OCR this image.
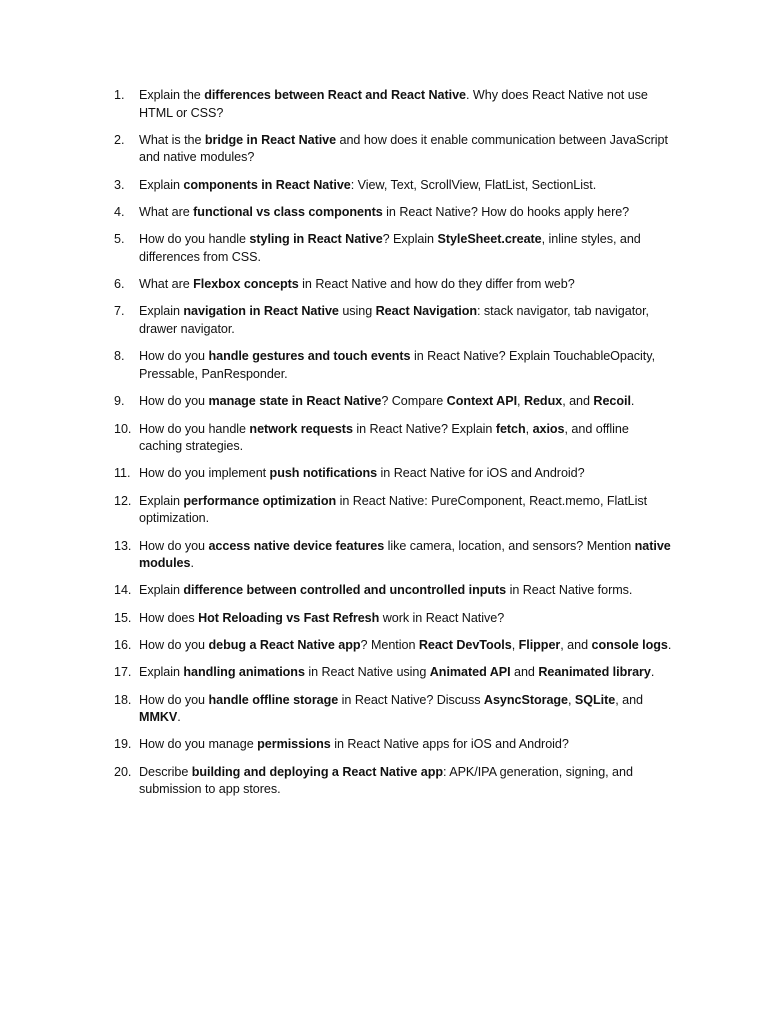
1.	Explain the differences between React and React Native. Why does React Native not use HTML or CSS?
2.	What is the bridge in React Native and how does it enable communication between JavaScript and native modules?
3.	Explain components in React Native: View, Text, ScrollView, FlatList, SectionList.
4.	What are functional vs class components in React Native? How do hooks apply here?
5.	How do you handle styling in React Native? Explain StyleSheet.create, inline styles, and differences from CSS.
6.	What are Flexbox concepts in React Native and how do they differ from web?
7.	Explain navigation in React Native using React Navigation: stack navigator, tab navigator, drawer navigator.
8.	How do you handle gestures and touch events in React Native? Explain TouchableOpacity, Pressable, PanResponder.
9.	How do you manage state in React Native? Compare Context API, Redux, and Recoil.
10. How do you handle network requests in React Native? Explain fetch, axios, and offline caching strategies.
11. How do you implement push notifications in React Native for iOS and Android?
12. Explain performance optimization in React Native: PureComponent, React.memo, FlatList optimization.
13. How do you access native device features like camera, location, and sensors? Mention native modules.
14. Explain difference between controlled and uncontrolled inputs in React Native forms.
15. How does Hot Reloading vs Fast Refresh work in React Native?
16. How do you debug a React Native app? Mention React DevTools, Flipper, and console logs.
17. Explain handling animations in React Native using Animated API and Reanimated library.
18. How do you handle offline storage in React Native? Discuss AsyncStorage, SQLite, and MMKV.
19. How do you manage permissions in React Native apps for iOS and Android?
20. Describe building and deploying a React Native app: APK/IPA generation, signing, and submission to app stores.
